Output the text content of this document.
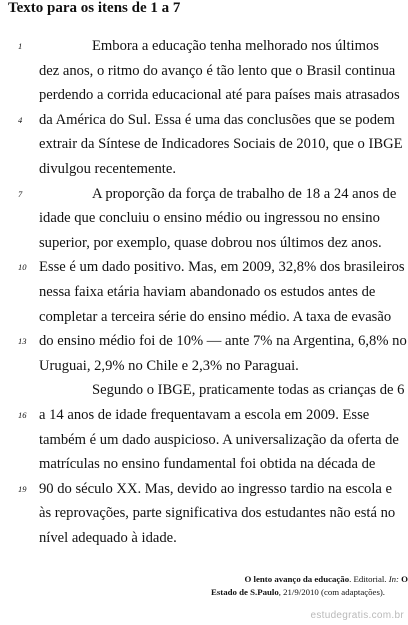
Texto para os itens de 1 a 7
1	Embora a educação tenha melhorado nos últimos
dez anos, o ritmo do avanço é tão lento que o Brasil continua
perdendo a corrida educacional até para países mais atrasados
4	da América do Sul. Essa é uma das conclusões que se podem
extrair da Síntese de Indicadores Sociais de 2010, que o IBGE
divulgou recentemente.
7	A proporção da força de trabalho de 18 a 24 anos de
idade que concluiu o ensino médio ou ingressou no ensino
superior, por exemplo, quase dobrou nos últimos dez anos.
10 Esse é um dado positivo. Mas, em 2009, 32,8% dos brasileiros
nessa faixa etária haviam abandonado os estudos antes de
completar a terceira série do ensino médio. A taxa de evasão
13 do ensino médio foi de 10% — ante 7% na Argentina, 6,8% no
Uruguai, 2,9% no Chile e 2,3% no Paraguai.
Segundo o IBGE, praticamente todas as crianças de 6
16 a 14 anos de idade frequentavam a escola em 2009. Esse
também é um dado auspicioso. A universalização da oferta de
matrículas no ensino fundamental foi obtida na década de
19 90 do século XX. Mas, devido ao ingresso tardio na escola e
às reprovações, parte significativa dos estudantes não está no
nível adequado à idade.
O lento avanço da educação. Editorial. In: O
Estado de S.Paulo, 21/9/2010 (com adaptações).
estudegratis.com.br
